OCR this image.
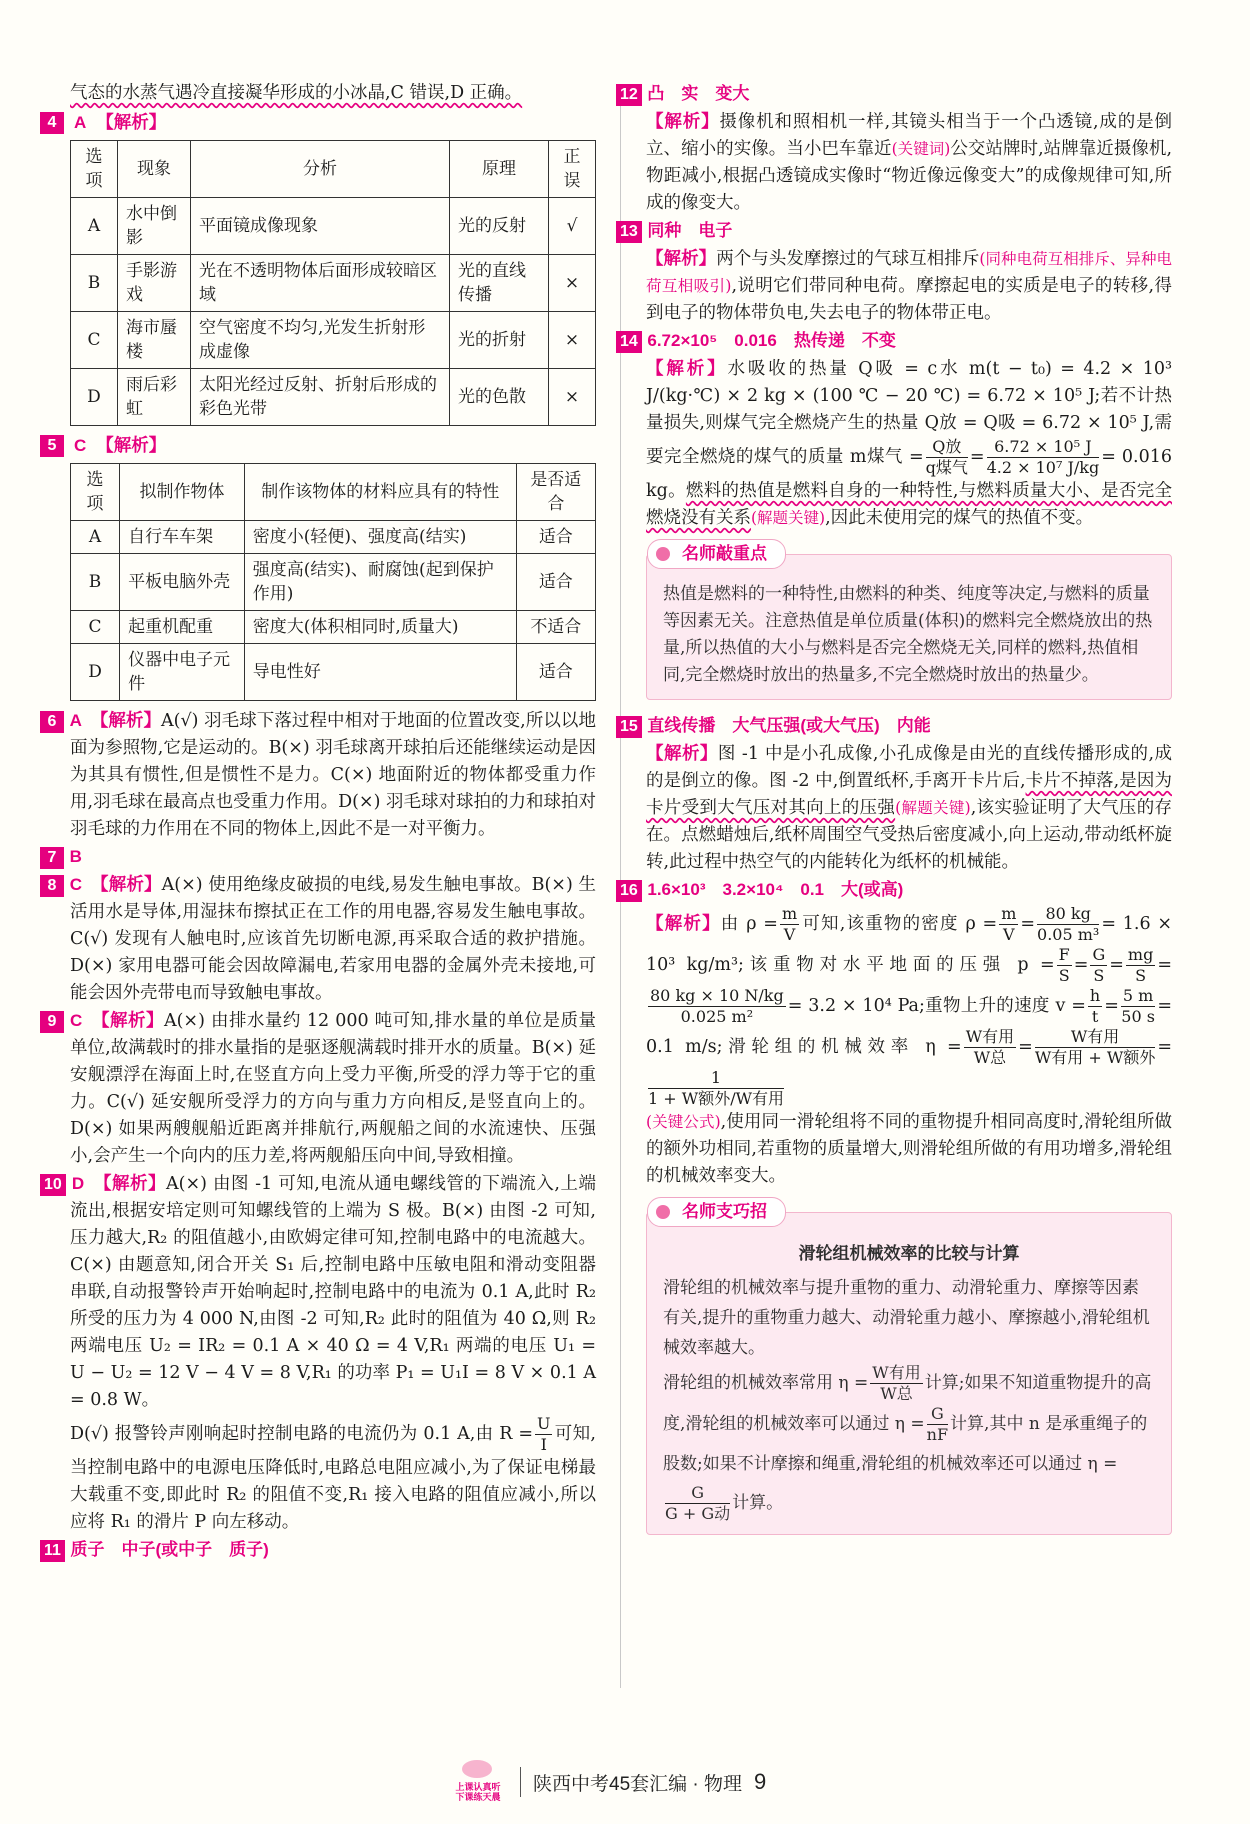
气态的水蒸气遇冷直接凝华形成的小冰晶,C 错误,D 正确。

4	A 【解析】
选项	现象	分析	原理	正误
A	水中倒影	平面镜成像现象	光的反射	√
B	手影游戏	光在不透明物体后面形成较暗区域	光的直线传播	×
C	海市蜃楼	空气密度不均匀,光发生折射形成虚像	光的折射	×
D	雨后彩虹	太阳光经过反射、折射后形成的彩色光带	光的色散	×
5	C 【解析】
选项	拟制作物体	制作该物体的材料应具有的特性	是否适合
A	自行车车架	密度小(轻便)、强度高(结实)	适合
B	平板电脑外壳	强度高(结实)、耐腐蚀(起到保护作用)	适合
C	起重机配重	密度大(体积相同时,质量大)	不适合
D	仪器中电子元件	导电性好	适合

6 A　 【解析】A(√) 羽毛球下落过程中相对于地面的位置改变,所以以地面为参照物,它是运动的。B(×) 羽毛球离开球拍后还能继续运动是因为其具有惯性,但是惯性不是力。C(×) 地面附近的物体都受重力作用,羽毛球在最高点也受重力作用。D(×) 羽毛球对球拍的力和球拍对羽毛球的力作用在不同的物体上,因此不是一对平衡力。

7 B

8 C　 【解析】A(×) 使用绝缘皮破损的电线,易发生触电事故。B(×) 生活用水是导体,用湿抹布擦拭正在工作的用电器,容易发生触电事故。C(√) 发现有人触电时,应该首先切断电源,再采取合适的救护措施。D(×) 家用电器可能会因故障漏电,若家用电器的金属外壳未接地,可能会因外壳带电而导致触电事故。

9 C　 【解析】A(×) 由排水量约 12 000 吨可知,排水量的单位是质量单位,故满载时的排水量指的是驱逐舰满载时排开水的质量。B(×) 延安舰漂浮在海面上时,在竖直方向上受力平衡,所受的浮力等于它的重力。C(√) 延安舰所受浮力的方向与重力方向相反,是竖直向上的。D(×) 如果两艘舰船近距离并排航行,两舰船之间的水流速快、压强小,会产生一个向内的压力差,将两舰船压向中间,导致相撞。

10 D　 【解析】A(×) 由图 -1 可知,电流从通电螺线管的下端流入,上端流出,根据安培定则可知螺线管的上端为 S 极。B(×) 由图 -2 可知,压力越大,R₂ 的阻值越小,由欧姆定律可知,控制电路中的电流越大。C(×) 由题意知,闭合开关 S₁ 后,控制电路中压敏电阻和滑动变阻器串联,自动报警铃声开始响起时,控制电路中的电流为 0.1 A,此时 R₂ 所受的压力为 4 000 N,由图 -2 可知,R₂ 此时的阻值为 40 Ω,则 R₂ 两端电压 U₂ = IR₂ = 0.1 A × 40 Ω = 4 V,R₁ 两端的电压 U₁ = U − U₂ = 12 V − 4 V = 8 V,R₁ 的功率 P₁ = U₁I = 8 V × 0.1 A = 0.8 W。

D(√) 报警铃声刚响起时控制电路的电流仍为 0.1 A,由 $R = \frac{U}{I}$ 可知,当控制电路中的电源电压降低时,电路总电阻应减小,为了保证电梯最大载重不变,即此时 R₂ 的阻值不变,R₁ 接入电路的阻值应减小,所以应将 R₁ 的滑片 P 向左移动。

11 质子　中子(或中子　质子)

12 凸　实　变大

【解析】摄像机和照相机一样,其镜头相当于一个凸透镜,成的是倒立、缩小的实像。当小巴车靠近(关键词)公交站牌时,站牌靠近摄像机,物距减小,根据凸透镜成实像时“物近像远像变大”的成像规律可知,所成的像变大。

13 同种　电子

【解析】两个与头发摩擦过的气球互相排斥(同种电荷互相排斥、异种电荷互相吸引),说明它们带同种电荷。摩擦起电的实质是电子的转移,得到电子的物体带负电,失去电子的物体带正电。

14 6.72×10⁵　0.016　热传递　不变

【解析】水吸收的热量 Q吸 = c水 m(t − t₀) = 4.2 × 10³ J/(kg·℃) × 2 kg × (100 ℃ − 20 ℃) = 6.72 × 10⁵ J;若不计热量损失,则煤气完全燃烧产生的热量 Q放 = Q吸 = 6.72 × 10⁵ J,需要完全燃烧的煤气的质量 m煤气 = $\frac{\text{Q放}}{\text{q煤气}} = \frac{\text{6.72 × 10⁵ J}}{\text{4.2 × 10⁷ J/kg}} = 0.016$ kg。燃料的热值是燃料自身的一种特性,与燃料质量大小、是否完全燃烧没有关系(解题关键),因此未使用完的煤气的热值不变。

名师敲重点
热值是燃料的一种特性,由燃料的种类、纯度等决定,与燃料的质量等因素无关。注意热值是单位质量(体积)的燃料完全燃烧放出的热量,所以热值的大小与燃料是否完全燃烧无关,同样的燃料,热值相同,完全燃烧时放出的热量多,不完全燃烧时放出的热量少。

15 直线传播　大气压强(或大气压)　内能

【解析】图 -1 中是小孔成像,小孔成像是由光的直线传播形成的,成的是倒立的像。图 -2 中,倒置纸杯,手离开卡片后,卡片不掉落,是因为卡片受到大气压对其向上的压强(解题关键),该实验证明了大气压的存在。点燃蜡烛后,纸杯周围空气受热后密度减小,向上运动,带动纸杯旋转,此过程中热空气的内能转化为纸杯的机械能。

16 1.6×10³　3.2×10⁴　0.1　大(或高)

【解析】由 $\rho = \frac{m}{V}$ 可知,该重物的密度 $\rho = \frac{m}{V} = \frac{80 kg}{\text{0.05 m³}} = 1.6 \times 10^3$ kg/m³;该重物对水平地面的压强 $p = \frac{F}{S} = \frac{G}{S} = \frac{mg}{S}$ =
$\frac{80 kg \times 10 N/kg}{\text{0.025 m²}} = 3.2 \times 10^4$ Pa;重物上升的速度 $v = \frac{h}{t} = \frac{5 m}{50 s} = 0.1$ m/s;滑轮组的机械效率 $\eta = \frac{\text{W有用}}{\text{W总}} = \frac{\text{W有用}}{\text{W有用 + W额外}}$ =
$\frac{1}{\text{1 + W额外/W有用}}$

(关键公式),使用同一滑轮组将不同的重物提升相同高度时,滑轮组所做的额外功相同,若重物的质量增大,则滑轮组所做的有用功增多,滑轮组的机械效率变大。

名师支巧招
滑轮组机械效率的比较与计算
滑轮组的机械效率与提升重物的重力、动滑轮重力、摩擦等因素有关,提升的重物重力越大、动滑轮重力越小、摩擦越小,滑轮组机械效率越大。
滑轮组的机械效率常用 $\eta = \frac{\text{W有用}}{\text{W总}}$ 计算;如果不知道重物提升的高度,滑轮组的机械效率可以通过 $\eta = \frac{G}{nF}$ 计算,其中 n 是承重绳子的股数;如果不计摩擦和绳重,滑轮组的机械效率还可以通过 η =
$\frac{G}{\text{G + G动}}$ 计算。
上课认真听
下课练天晨
陕西中考45套汇编 · 物理 9
